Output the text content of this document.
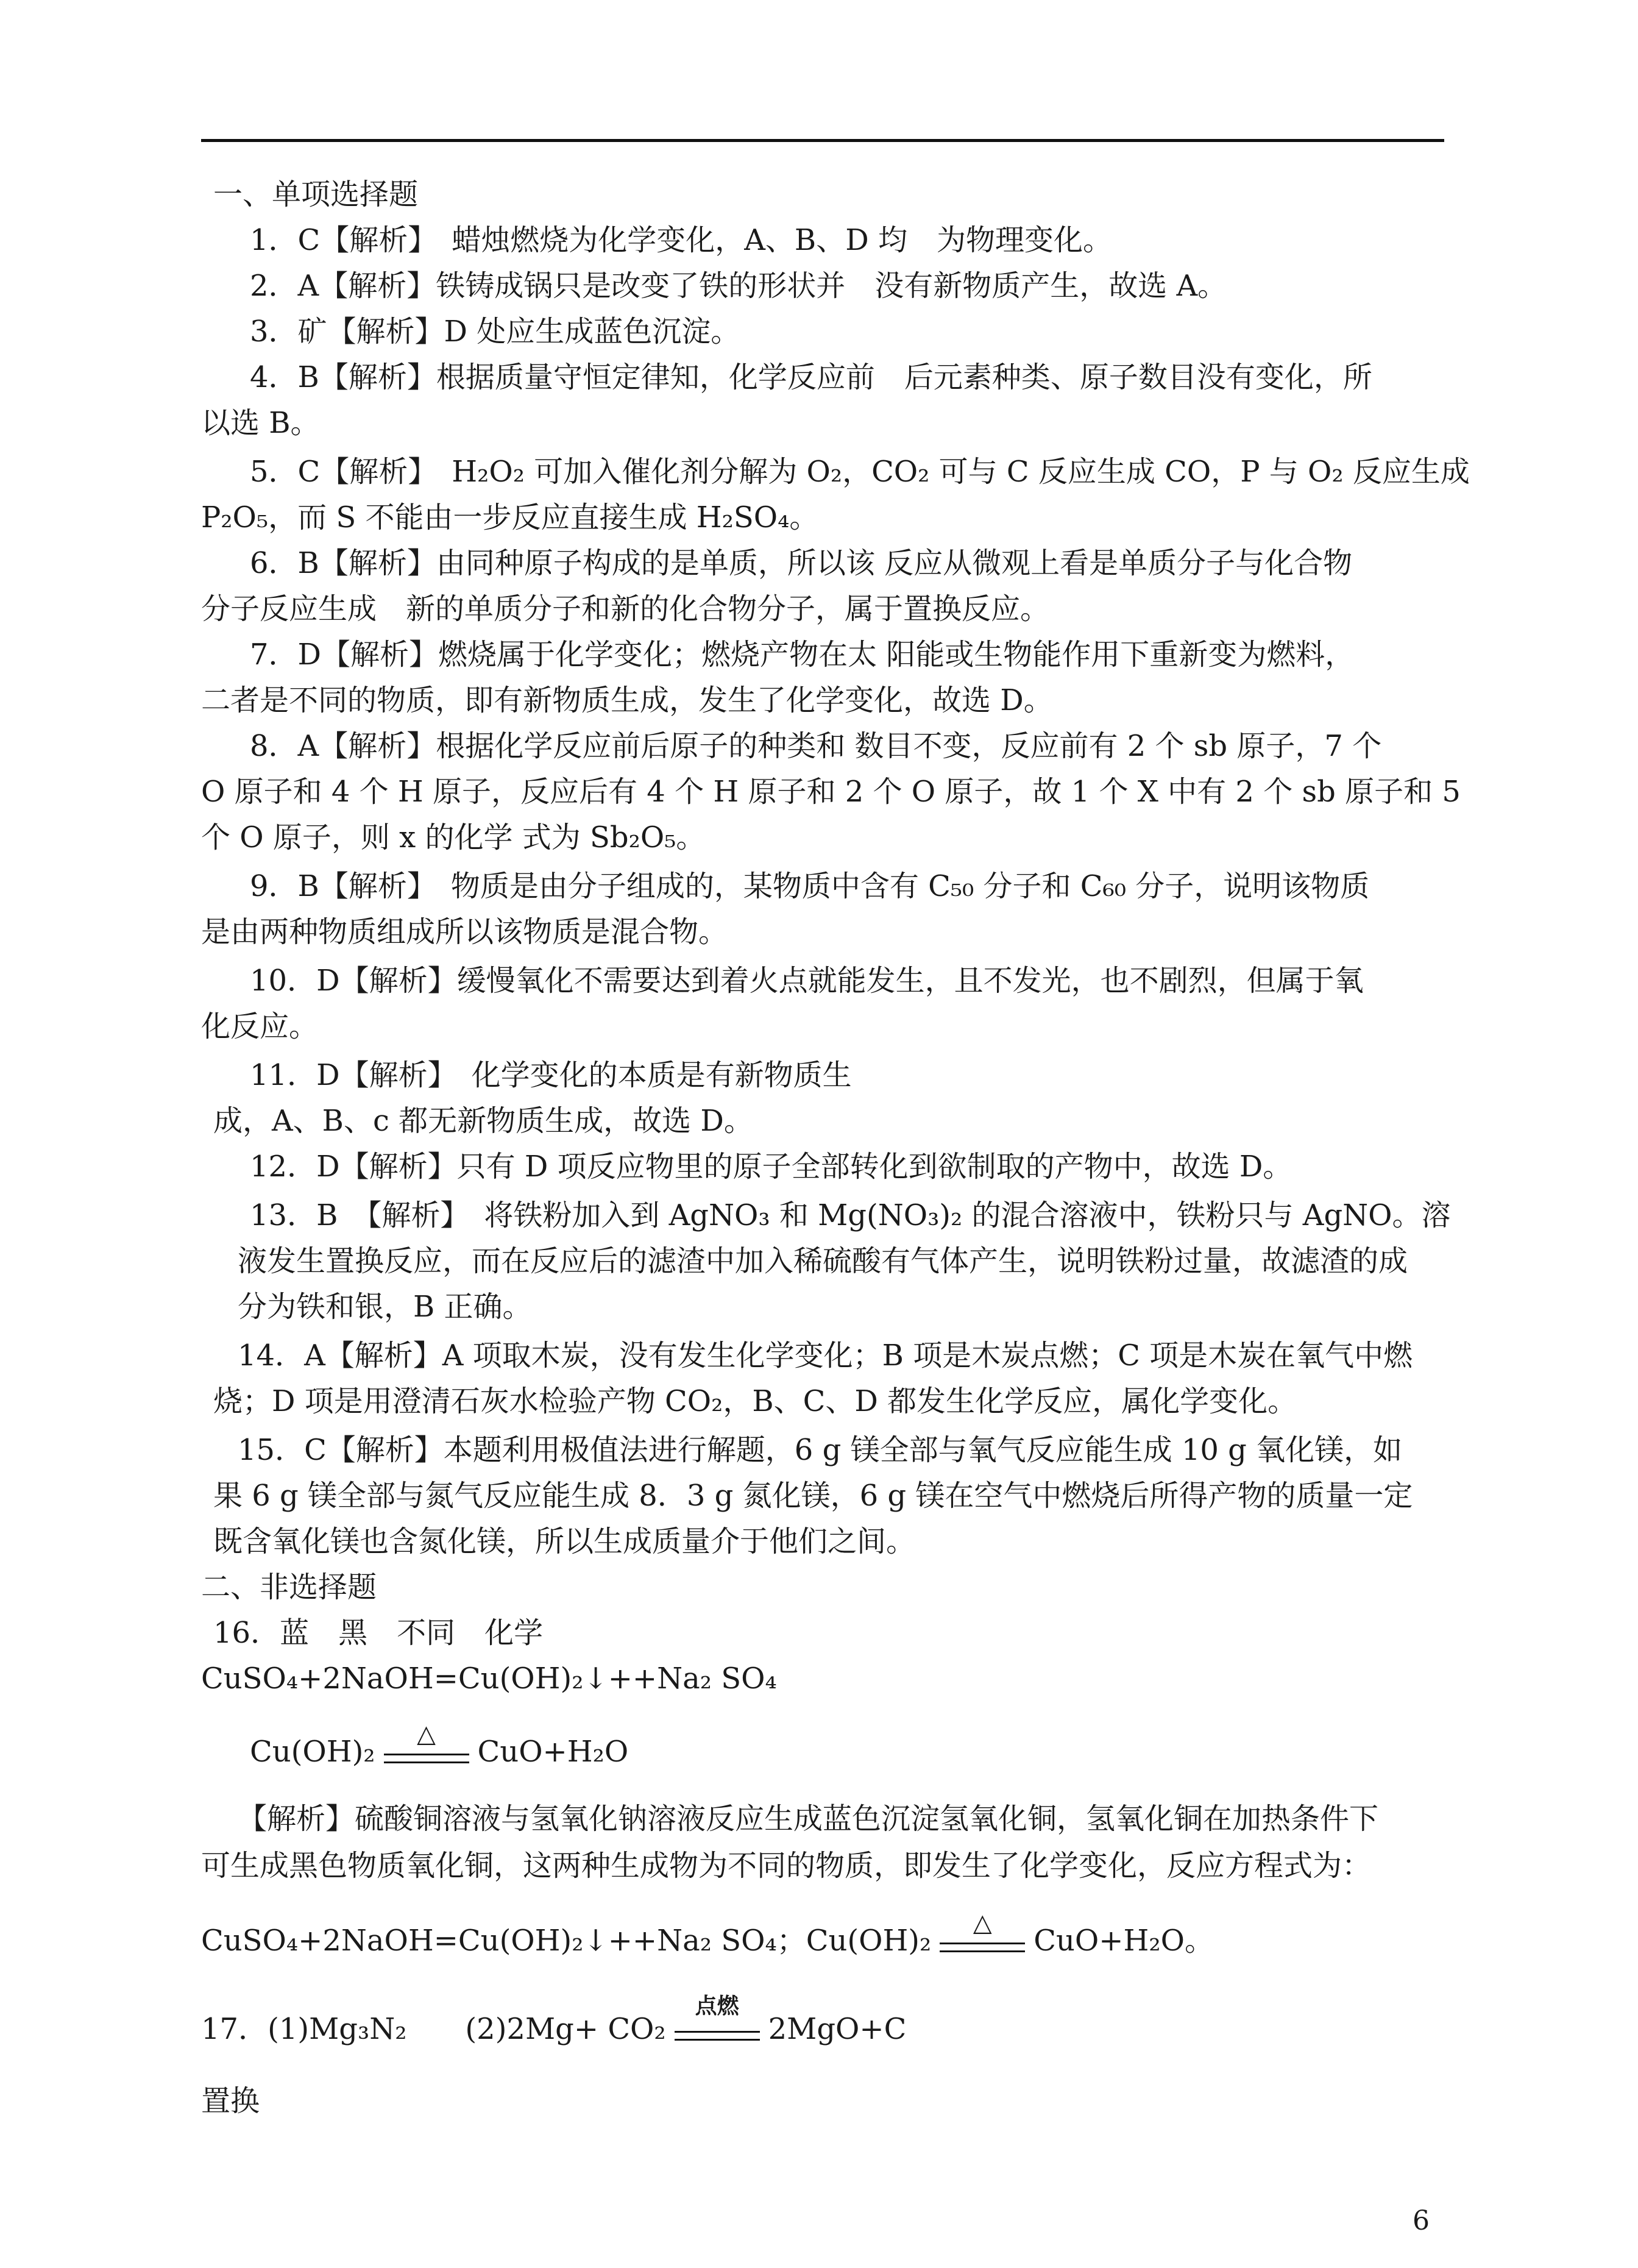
一、单项选择题
1．C【解析】　蜡烛燃烧为化学变化，A、B、D 均　为物理变化。
2．A【解析】铁铸成锅只是改变了铁的形状并　没有新物质产生，故选 A。
3．矿【解析】D 处应生成蓝色沉淀。
4．B【解析】根据质量守恒定律知，化学反应前　后元素种类、原子数目没有变化，所
以选 B。
5．C【解析】　H₂O₂ 可加入催化剂分解为 O₂，CO₂ 可与 C 反应生成 CO，P 与 O₂ 反应生成
P₂O₅，而 S 不能由一步反应直接生成 H₂SO₄。
6．B【解析】由同种原子构成的是单质，所以该 反应从微观上看是单质分子与化合物
分子反应生成　新的单质分子和新的化合物分子，属于置换反应。
7．D【解析】燃烧属于化学变化；燃烧产物在太 阳能或生物能作用下重新变为燃料，
二者是不同的物质，即有新物质生成，发生了化学变化，故选 D。
8．A【解析】根据化学反应前后原子的种类和 数目不变，反应前有 2 个 sb 原子，7 个
O 原子和 4 个 H 原子，反应后有 4 个 H 原子和 2 个 O 原子，故 1 个 X 中有 2 个 sb 原子和 5
个 O 原子，则 x 的化学 式为 Sb₂O₅。
9．B【解析】　物质是由分子组成的，某物质中含有 C₅₀ 分子和 C₆₀ 分子，说明该物质
是由两种物质组成所以该物质是混合物。
10．D【解析】缓慢氧化不需要达到着火点就能发生，且不发光，也不剧烈，但属于氧
化反应。
11．D【解析】　化学变化的本质是有新物质生
成，A、B、c 都无新物质生成，故选 D。
12．D【解析】只有 D 项反应物里的原子全部转化到欲制取的产物中，故选 D。
13．B　【解析】　将铁粉加入到 AgNO₃ 和 Mg(NO₃)₂ 的混合溶液中，铁粉只与 AgNO。溶
液发生置换反应，而在反应后的滤渣中加入稀硫酸有气体产生，说明铁粉过量，故滤渣的成
分为铁和银，B 正确。
14．A【解析】A 项取木炭，没有发生化学变化；B 项是木炭点燃；C 项是木炭在氧气中燃
烧；D 项是用澄清石灰水检验产物 CO₂，B、C、D 都发生化学反应，属化学变化。
15．C【解析】本题利用极值法进行解题，6 g 镁全部与氧气反应能生成 10 g 氧化镁，如
果 6 g 镁全部与氮气反应能生成 8．3 g 氮化镁，6 g 镁在空气中燃烧后所得产物的质量一定
既含氧化镁也含氮化镁，所以生成质量介于他们之间。
二、非选择题
16．蓝　黑　不同　化学
CuSO₄+2NaOH=Cu(OH)₂↓++Na₂ SO₄
Cu(OH)₂
△
CuO+H₂O
【解析】硫酸铜溶液与氢氧化钠溶液反应生成蓝色沉淀氢氧化铜，氢氧化铜在加热条件下
可生成黑色物质氧化铜，这两种生成物为不同的物质，即发生了化学变化，反应方程式为：
CuSO₄+2NaOH=Cu(OH)₂↓++Na₂ SO₄；Cu(OH)₂
△
CuO+H₂O。
17．(1)Mg₃N₂　　(2)2Mg+ CO₂
点燃
2MgO+C
置换
6
